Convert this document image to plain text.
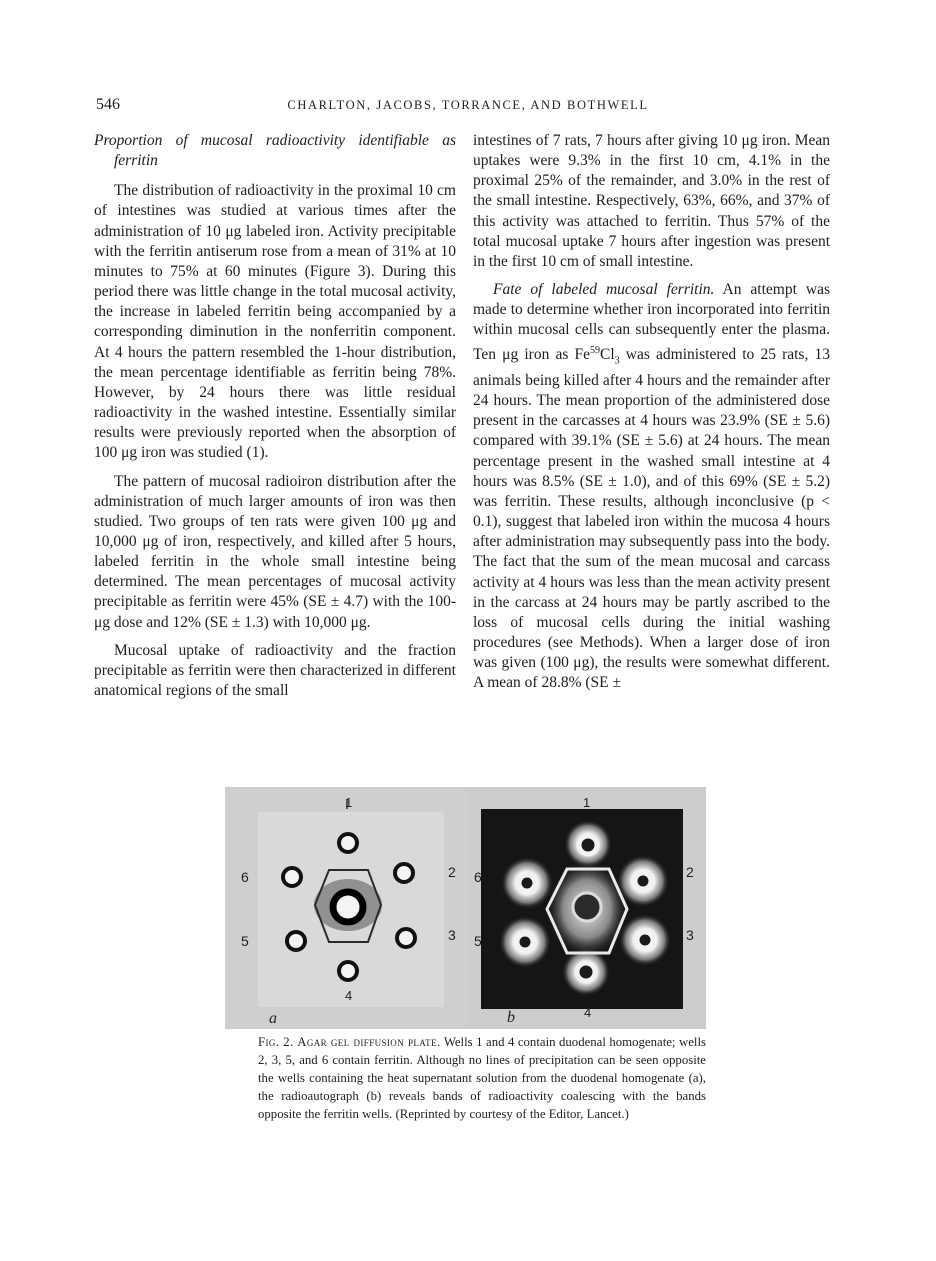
546	CHARLTON, JACOBS, TORRANCE, AND BOTHWELL

Proportion of mucosal radioactivity identifiable as ferritin

The distribution of radioactivity in the proximal 10 cm of intestines was studied at various times after the administration of 10 μg labeled iron. Activity precipitable with the ferritin antiserum rose from a mean of 31% at 10 minutes to 75% at 60 minutes (Figure 3). During this period there was little change in the total mucosal activity, the increase in labeled ferritin being accompanied by a corresponding diminution in the nonferritin component. At 4 hours the pattern resembled the 1-hour distribution, the mean percentage identifiable as ferritin being 78%. However, by 24 hours there was little residual radioactivity in the washed intestine. Essentially similar results were previously reported when the absorption of 100 μg iron was studied (1).

The pattern of mucosal radioiron distribution after the administration of much larger amounts of iron was then studied. Two groups of ten rats were given 100 μg and 10,000 μg of iron, respectively, and killed after 5 hours, labeled ferritin in the whole small intestine being determined. The mean percentages of mucosal activity precipitable as ferritin were 45% (SE ± 4.7) with the 100-μg dose and 12% (SE ± 1.3) with 10,000 μg.

Mucosal uptake of radioactivity and the fraction precipitable as ferritin were then characterized in different anatomical regions of the small

intestines of 7 rats, 7 hours after giving 10 μg iron. Mean uptakes were 9.3% in the first 10 cm, 4.1% in the proximal 25% of the remainder, and 3.0% in the rest of the small intestine. Respectively, 63%, 66%, and 37% of this activity was attached to ferritin. Thus 57% of the total mucosal uptake 7 hours after ingestion was present in the first 10 cm of small intestine.

Fate of labeled mucosal ferritin. An attempt was made to determine whether iron incorporated into ferritin within mucosal cells can subsequently enter the plasma. Ten μg iron as $Fe^{59}Cl_3$ was administered to 25 rats, 13 animals being killed after 4 hours and the remainder after 24 hours. The mean proportion of the administered dose present in the carcasses at 4 hours was 23.9% (SE ± 5.6) compared with 39.1% (SE ± 5.6) at 24 hours. The mean percentage present in the washed small intestine at 4 hours was 8.5% (SE ± 1.0), and of this 69% (SE ± 5.2) was ferritin. These results, although inconclusive (p < 0.1), suggest that labeled iron within the mucosa 4 hours after administration may subsequently pass into the body. The fact that the sum of the mean mucosal and carcass activity at 4 hours was less than the mean activity present in the carcass at 24 hours may be partly ascribed to the loss of mucosal cells during the initial washing procedures (see Methods). When a larger dose of iron was given (100 μg), the results were somewhat different. A mean of 28.8% (SE ±

1
2
3
4
5
6
a
1
2
3
4
5
6
b
Fig. 2. Agar gel diffusion plate. Wells 1 and 4 contain duodenal homogenate; wells 2, 3, 5, and 6 contain ferritin. Although no lines of precipitation can be seen opposite the wells containing the heat supernatant solution from the duodenal homogenate (a), the radioautograph (b) reveals bands of radioactivity coalescing with the bands opposite the ferritin wells. (Reprinted by courtesy of the Editor, Lancet.)
